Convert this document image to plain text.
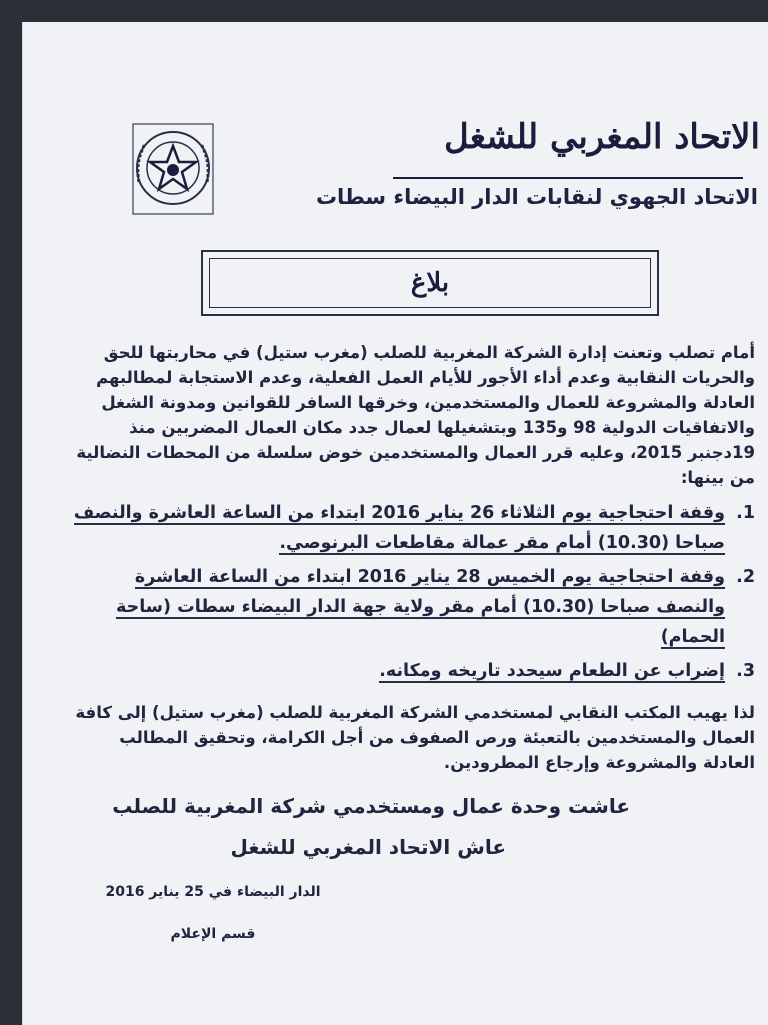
الاتحاد المغربي للشغل
الاتحاد الجهوي لنقابات الدار البيضاء سطات
بلاغ

أمام تصلب وتعنت إدارة الشركة المغربية للصلب (مغرب ستيل) في محاربتها للحق والحريات النقابية وعدم أداء الأجور للأيام العمل الفعلية، وعدم الاستجابة لمطالبهم العادلة والمشروعة للعمال والمستخدمين، وخرقها السافر للقوانين ومدونة الشغل والاتفاقيات الدولية 98 و135 وبتشغيلها لعمال جدد مكان العمال المضربين منذ 19دجنبر 2015، وعليه قرر العمال والمستخدمين خوض سلسلة من المحطات النضالية من بينها:

1.
وقفة احتجاجية يوم الثلاثاء 26 يناير 2016 ابتداء من الساعة العاشرة والنصف صباحا (10.30) أمام مقر عمالة مقاطعات البرنوصي.
2.
وقفة احتجاجية يوم الخميس 28 يناير 2016 ابتداء من الساعة العاشرة والنصف صباحا (10.30) أمام مقر ولاية جهة الدار البيضاء سطات (ساحة الحمام)
3.
إضراب عن الطعام سيحدد تاريخه ومكانه.

لذا يهيب المكتب النقابي لمستخدمي الشركة المغربية للصلب (مغرب ستيل) إلى كافة العمال والمستخدمين بالتعبئة ورص الصفوف من أجل الكرامة، وتحقيق المطالب العادلة والمشروعة وإرجاع المطرودين.

عاشت وحدة عمال ومستخدمي شركة المغربية للصلب
عاش الاتحاد المغربي للشغل
الدار البيضاء في 25 يناير 2016
قسم الإعلام
